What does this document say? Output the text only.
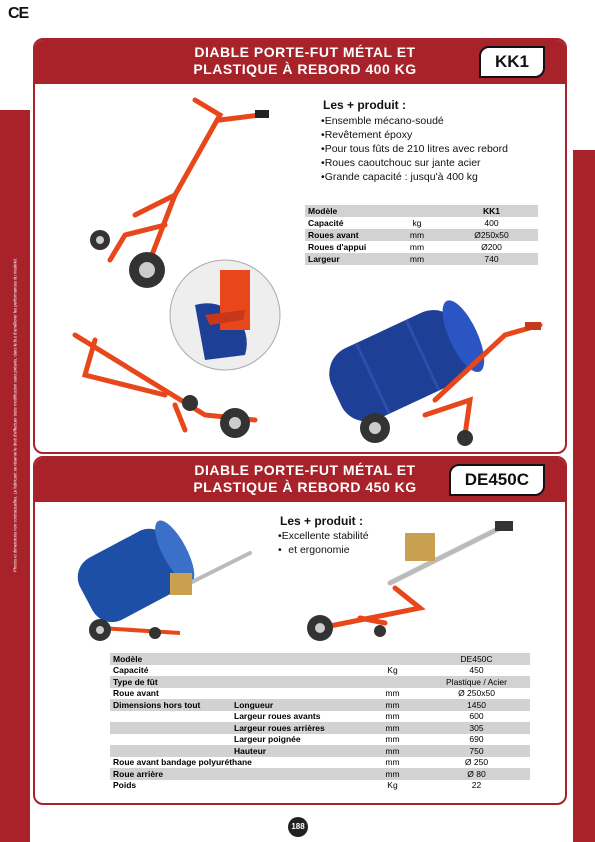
CE
Photos et dimensions non contractuelles. Le fabricant se réserve le droit d'effectuer toute modification sans préavis, dans le but d'améliorer les performances du matériel.
DIABLE PORTE-FUT MÉTAL ET
PLASTIQUE À REBORD 400 KG	KK1
Les + produit :
• Ensemble mécano-soudé
• Revêtement époxy
• Pour tous fûts de 210 litres avec rebord
• Roues caoutchouc sur jante acier
• Grande capacité : jusqu'à 400 kg
Modèle		KK1
Capacité	kg	400
Roues avant	mm	Ø250x50
Roues d'appui	mm	Ø200
Largeur	mm	740
DIABLE PORTE-FUT MÉTAL ET
PLASTIQUE À REBORD 450 KG	DE450C
Les + produit :
• Excellente stabilité
• et ergonomie
Modèle			DE450C
Capacité		Kg	450
Type de fût			Plastique / Acier
Roue avant		mm	Ø 250x50
Dimensions hors tout	Longueur	mm	1450
	Largeur roues avants	mm	600
	Largeur roues arrières	mm	305
	Largeur poignée	mm	690
	Hauteur	mm	750
Roue avant bandage polyuréthane		mm	Ø 250
Roue arrière		mm	Ø 80
Poids		Kg	22
188
